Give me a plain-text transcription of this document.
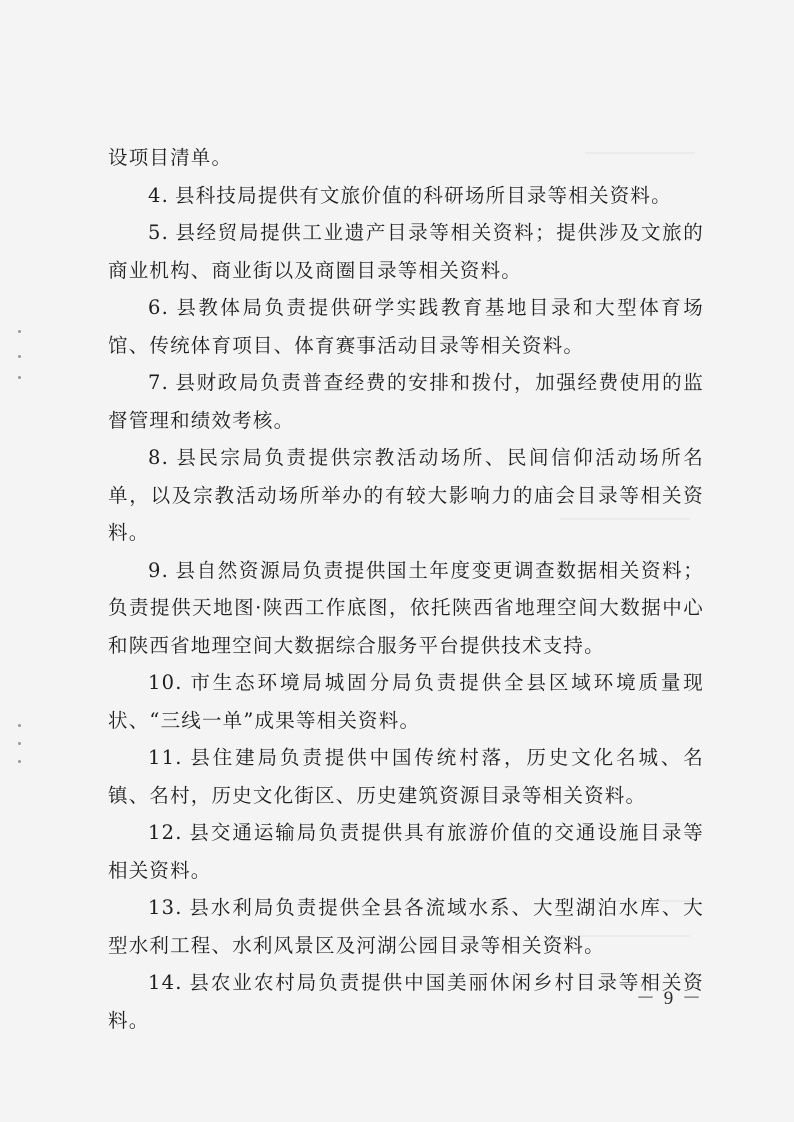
设项目清单。

4. 县科技局提供有文旅价值的科研场所目录等相关资料。

5. 县经贸局提供工业遗产目录等相关资料；提供涉及文旅的商业机构、商业街以及商圈目录等相关资料。

6. 县教体局负责提供研学实践教育基地目录和大型体育场馆、传统体育项目、体育赛事活动目录等相关资料。

7. 县财政局负责普查经费的安排和拨付，加强经费使用的监督管理和绩效考核。

8. 县民宗局负责提供宗教活动场所、民间信仰活动场所名单，以及宗教活动场所举办的有较大影响力的庙会目录等相关资料。

9. 县自然资源局负责提供国土年度变更调查数据相关资料；负责提供天地图·陕西工作底图，依托陕西省地理空间大数据中心和陕西省地理空间大数据综合服务平台提供技术支持。

10. 市生态环境局城固分局负责提供全县区域环境质量现状、“三线一单”成果等相关资料。

11. 县住建局负责提供中国传统村落，历史文化名城、名镇、名村，历史文化街区、历史建筑资源目录等相关资料。

12. 县交通运输局负责提供具有旅游价值的交通设施目录等相关资料。

13. 县水利局负责提供全县各流域水系、大型湖泊水库、大型水利工程、水利风景区及河湖公园目录等相关资料。

14. 县农业农村局负责提供中国美丽休闲乡村目录等相关资料。

－ 9 －
